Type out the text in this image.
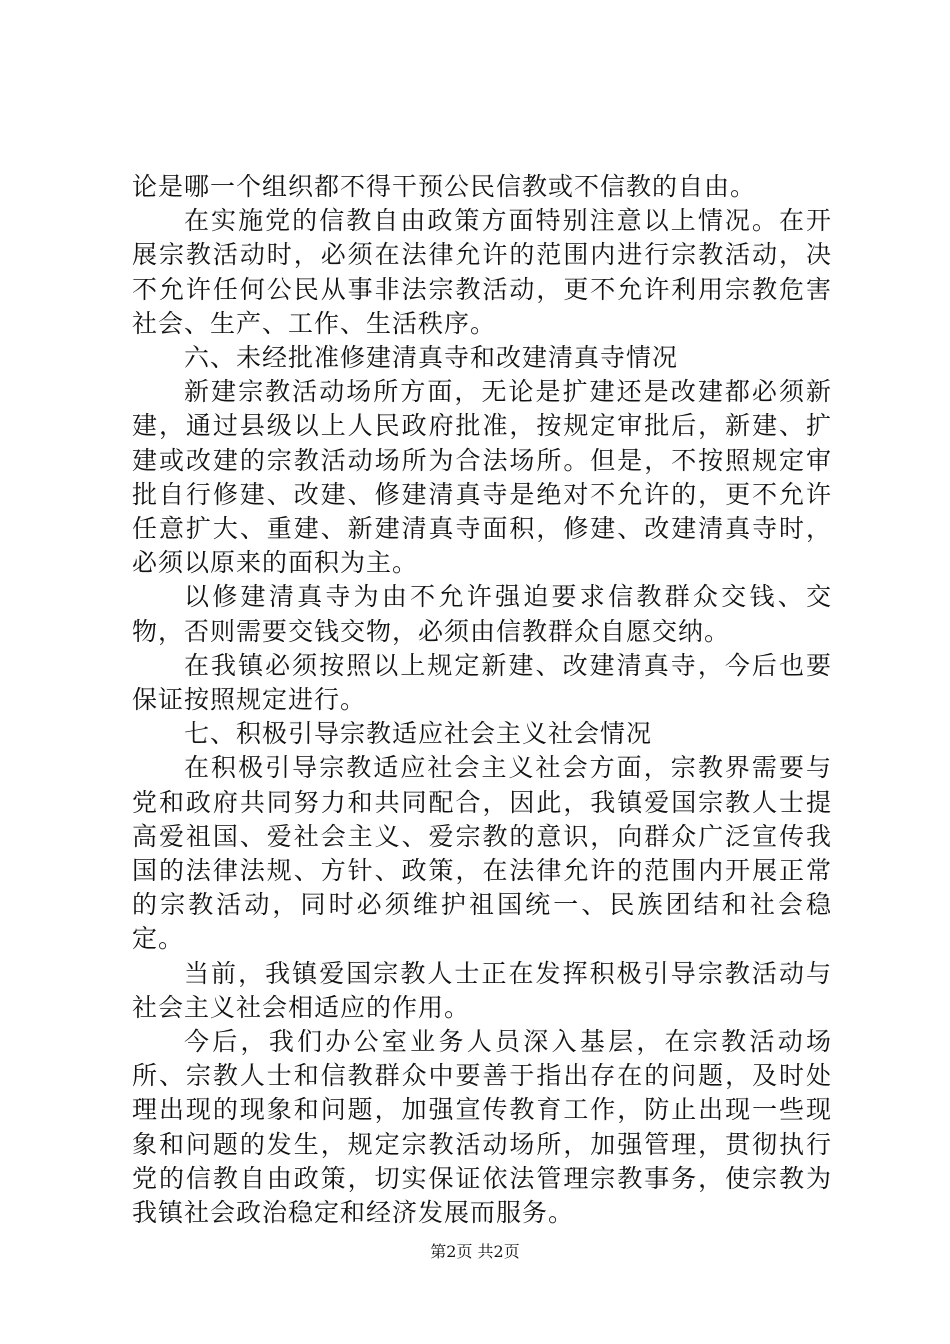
论是哪一个组织都不得干预公民信教或不信教的自由。

在实施党的信教自由政策方面特别注意以上情况。在开展宗教活动时，必须在法律允许的范围内进行宗教活动，决不允许任何公民从事非法宗教活动，更不允许利用宗教危害社会、生产、工作、生活秩序。

六、未经批准修建清真寺和改建清真寺情况

新建宗教活动场所方面，无论是扩建还是改建都必须新建，通过县级以上人民政府批准，按规定审批后，新建、扩建或改建的宗教活动场所为合法场所。但是，不按照规定审批自行修建、改建、修建清真寺是绝对不允许的，更不允许任意扩大、重建、新建清真寺面积，修建、改建清真寺时，必须以原来的面积为主。

以修建清真寺为由不允许强迫要求信教群众交钱、交物，否则需要交钱交物，必须由信教群众自愿交纳。

在我镇必须按照以上规定新建、改建清真寺，今后也要保证按照规定进行。

七、积极引导宗教适应社会主义社会情况

在积极引导宗教适应社会主义社会方面，宗教界需要与党和政府共同努力和共同配合，因此，我镇爱国宗教人士提高爱祖国、爱社会主义、爱宗教的意识，向群众广泛宣传我国的法律法规、方针、政策，在法律允许的范围内开展正常的宗教活动，同时必须维护祖国统一、民族团结和社会稳定。

当前，我镇爱国宗教人士正在发挥积极引导宗教活动与社会主义社会相适应的作用。

今后，我们办公室业务人员深入基层，在宗教活动场所、宗教人士和信教群众中要善于指出存在的问题，及时处理出现的现象和问题，加强宣传教育工作，防止出现一些现象和问题的发生，规定宗教活动场所，加强管理，贯彻执行党的信教自由政策，切实保证依法管理宗教事务，使宗教为我镇社会政治稳定和经济发展而服务。

第2页 共2页
